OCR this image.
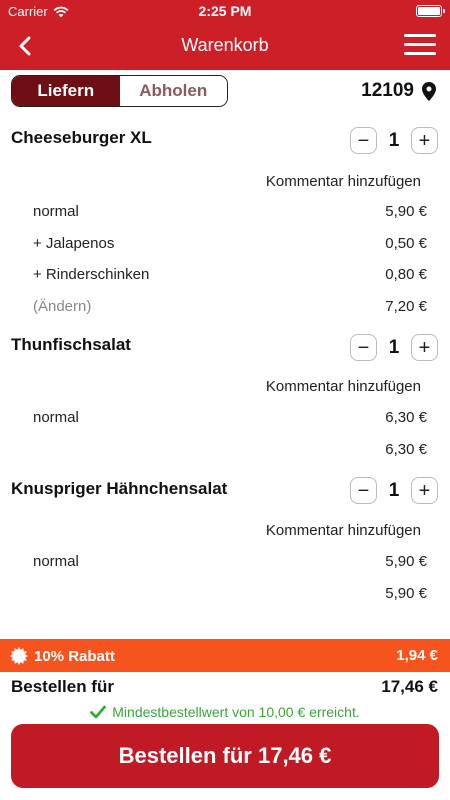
Carrier	2:25 PM
Warenkorb
Liefern	Abholen	12109
Cheeseburger XL	−	1 +
Kommentar hinzufügen
normal	5,90 €
+ Jalapenos	0,50 €
+ Rinderschinken	0,80 €
(Ändern)	7,20 €
Thunfischsalat	−	1 +
Kommentar hinzufügen
normal	6,30 €
6,30 €
Knuspriger Hähnchensalat	−	1 +
Kommentar hinzufügen
normal	5,90 €
5,90 €
10% Rabatt	1,94 €
Bestellen für	17,46 €
Mindestbestellwert von 10,00 € erreicht.
Bestellen für 17,46 €
